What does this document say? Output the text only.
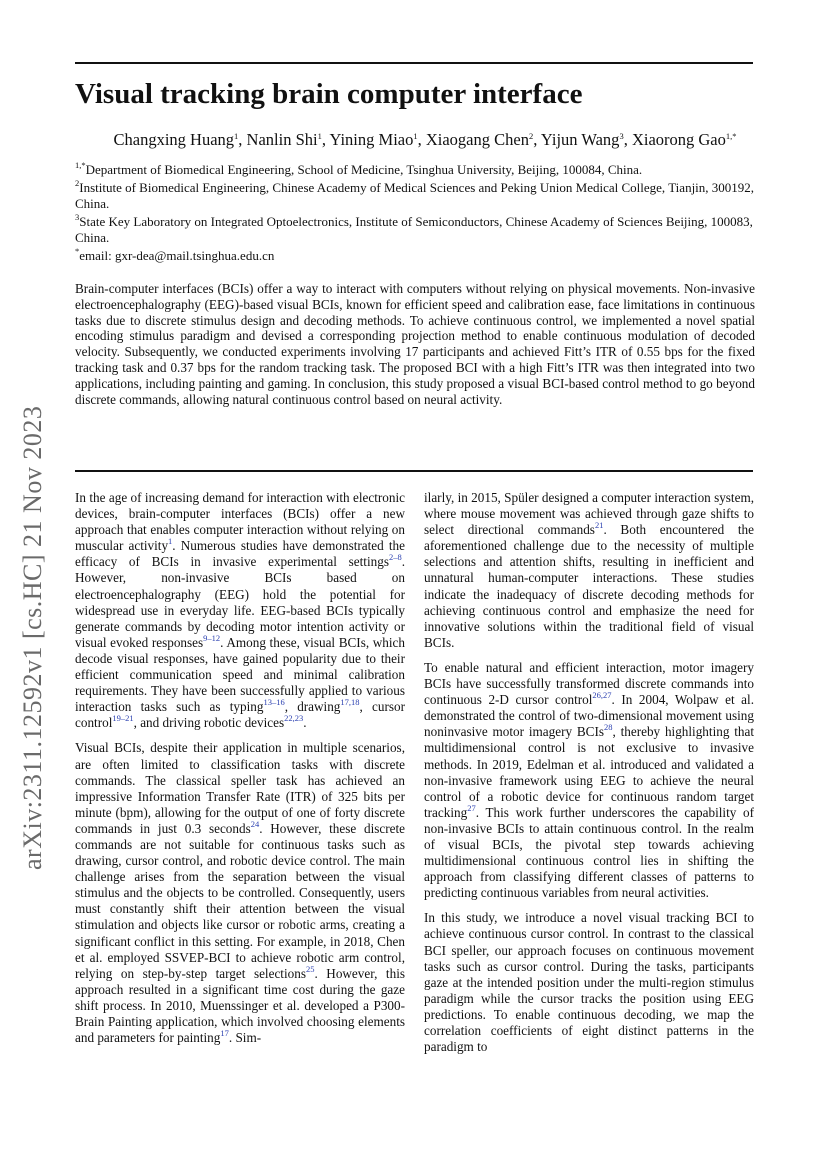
arXiv:2311.12592v1 [cs.HC] 21 Nov 2023
Visual tracking brain computer interface
Changxing Huang$^1$, Nanlin Shi$^1$, Yining Miao$^1$, Xiaogang Chen$^2$, Yijun Wang$^3$, Xiaorong Gao$^{1,*}$
$^{1,*}$Department of Biomedical Engineering, School of Medicine, Tsinghua University, Beijing, 100084, China.
$^2$Institute of Biomedical Engineering, Chinese Academy of Medical Sciences and Peking Union Medical College, Tianjin, 300192, China.
$^3$State Key Laboratory on Integrated Optoelectronics, Institute of Semiconductors, Chinese Academy of Sciences Beijing, 100083, China.
*email: gxr-dea@mail.tsinghua.edu.cn
Brain-computer interfaces (BCIs) offer a way to interact with computers without relying on physical movements. Non-invasive electroencephalography (EEG)-based visual BCIs, known for efficient speed and calibration ease, face limitations in continuous tasks due to discrete stimulus design and decoding methods. To achieve continuous control, we implemented a novel spatial encoding stimulus paradigm and devised a corresponding projection method to enable continuous modulation of decoded velocity. Subsequently, we conducted experiments involving 17 participants and achieved Fitt’s ITR of 0.55 bps for the fixed tracking task and 0.37 bps for the random tracking task. The proposed BCI with a high Fitt’s ITR was then integrated into two applications, including painting and gaming. In conclusion, this study proposed a visual BCI-based control method to go beyond discrete commands, allowing natural continuous control based on neural activity.

In the age of increasing demand for interaction with electronic devices, brain-computer interfaces (BCIs) offer a new approach that enables computer interaction without relying on muscular activity$^1$. Numerous studies have demonstrated the efficacy of BCIs in invasive experimental settings$^{2-8}$. However, non-invasive BCIs based on electroencephalography (EEG) hold the potential for widespread use in everyday life. EEG-based BCIs typically generate commands by decoding motor intention activity or visual evoked responses$^{9-12}$. Among these, visual BCIs, which decode visual responses, have gained popularity due to their efficient communication speed and minimal calibration requirements. They have been successfully applied to various interaction tasks such as typing$^{13-16}$, drawing$^{17,18}$, cursor control$^{19-21}$, and driving robotic devices$^{22,23}$.

Visual BCIs, despite their application in multiple scenarios, are often limited to classification tasks with discrete commands. The classical speller task has achieved an impressive Information Transfer Rate (ITR) of 325 bits per minute (bpm), allowing for the output of one of forty discrete commands in just 0.3 seconds$^{24}$. However, these discrete commands are not suitable for continuous tasks such as drawing, cursor control, and robotic device control. The main challenge arises from the separation between the visual stimulus and the objects to be controlled. Consequently, users must constantly shift their attention between the visual stimulation and objects like cursor or robotic arms, creating a significant conflict in this setting. For example, in 2018, Chen et al. employed SSVEP-BCI to achieve robotic arm control, relying on step-by-step target selections$^{25}$. However, this approach resulted in a significant time cost during the gaze shift process. In 2010, Muenssinger et al. developed a P300-Brain Painting application, which involved choosing elements and parameters for painting$^{17}$. Sim-

ilarly, in 2015, Spüler designed a computer interaction system, where mouse movement was achieved through gaze shifts to select directional commands$^{21}$. Both encountered the aforementioned challenge due to the necessity of multiple selections and attention shifts, resulting in inefficient and unnatural human-computer interactions. These studies indicate the inadequacy of discrete decoding methods for achieving continuous control and emphasize the need for innovative solutions within the traditional field of visual BCIs.

To enable natural and efficient interaction, motor imagery BCIs have successfully transformed discrete commands into continuous 2-D cursor control$^{26,27}$. In 2004, Wolpaw et al. demonstrated the control of two-dimensional movement using noninvasive motor imagery BCIs$^{28}$, thereby highlighting that multidimensional control is not exclusive to invasive methods. In 2019, Edelman et al. introduced and validated a non-invasive framework using EEG to achieve the neural control of a robotic device for continuous random target tracking$^{27}$. This work further underscores the capability of non-invasive BCIs to attain continuous control. In the realm of visual BCIs, the pivotal step towards achieving multidimensional continuous control lies in shifting the approach from classifying different classes of patterns to predicting continuous variables from neural activities.

In this study, we introduce a novel visual tracking BCI to achieve continuous cursor control. In contrast to the classical BCI speller, our approach focuses on continuous movement tasks such as cursor control. During the tasks, participants gaze at the intended position under the multi-region stimulus paradigm while the cursor tracks the position using EEG predictions. To enable continuous decoding, we map the correlation coefficients of eight distinct patterns in the paradigm to
